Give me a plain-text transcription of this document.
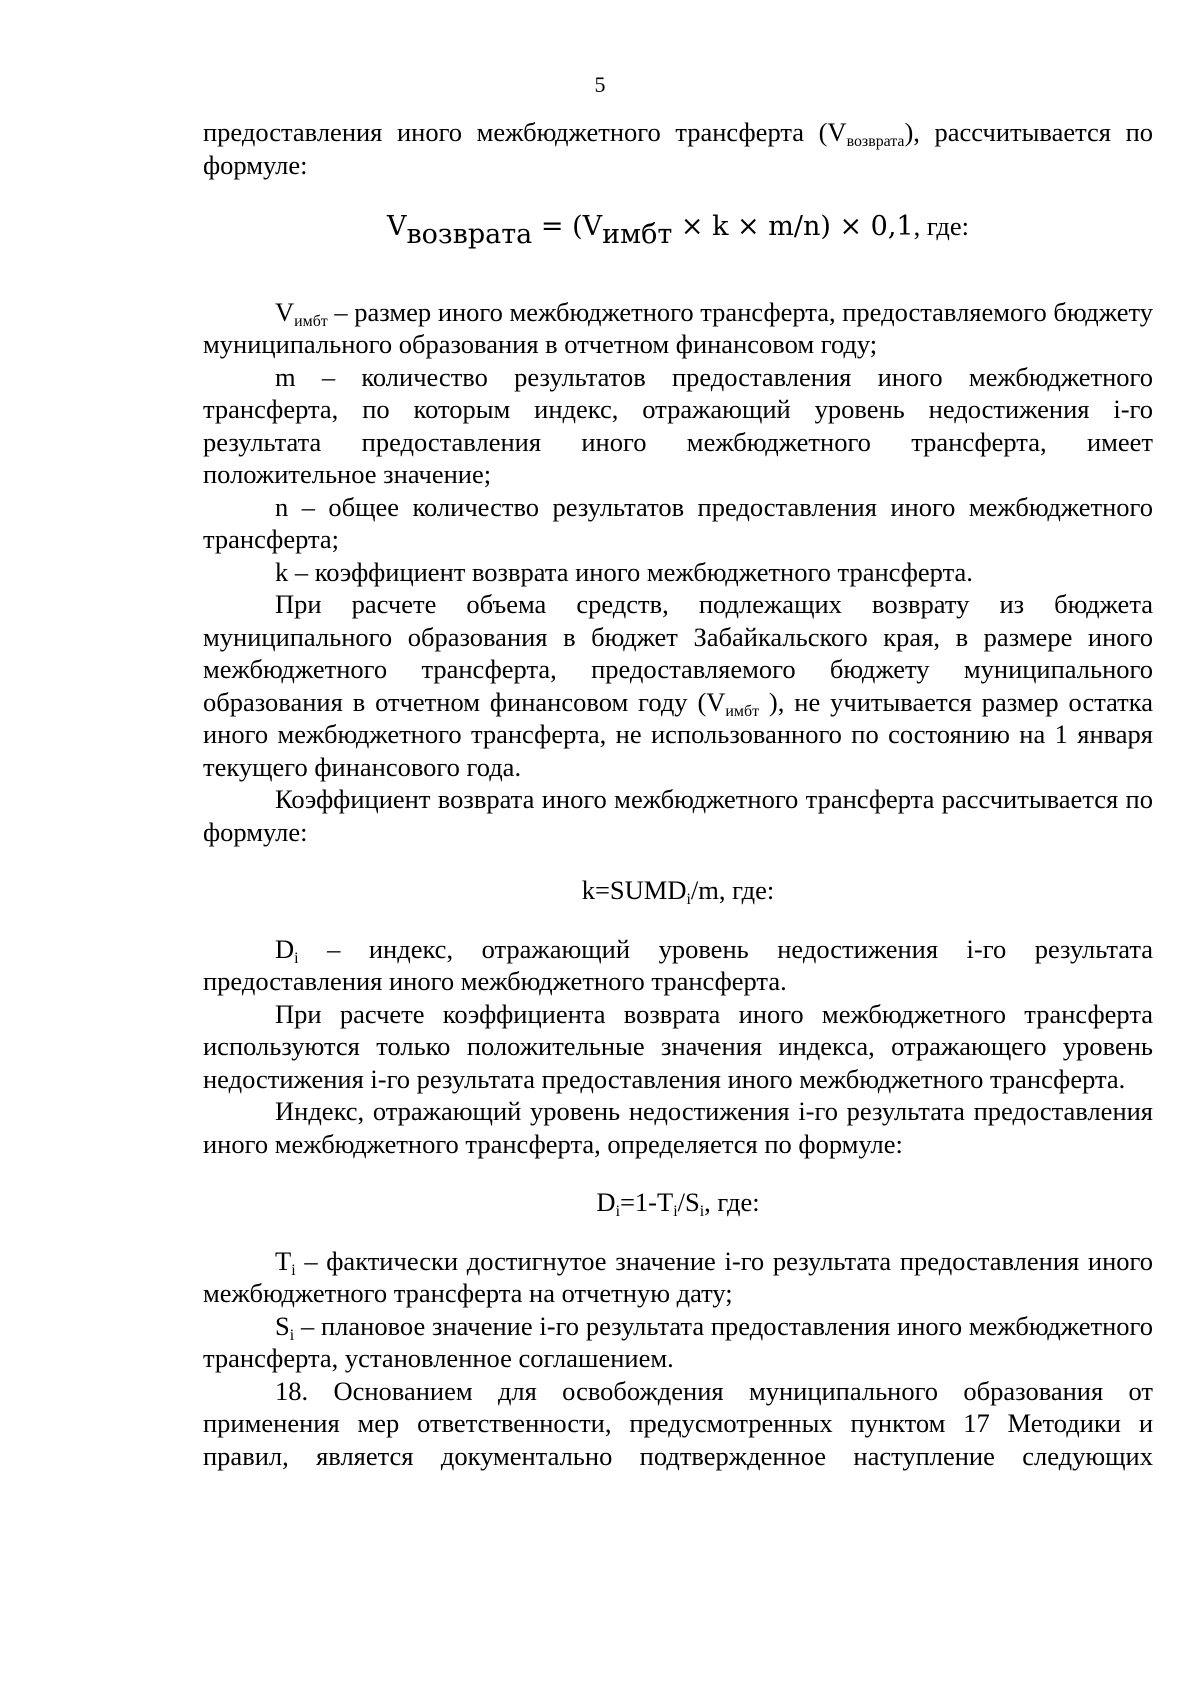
5

предоставления иного межбюджетного трансферта $(V_{возврата})$, рассчитывается по формуле:

Vвозврата = (Vимбт × k × m/n) × 0,1, где:

$V_{имбт}$ – размер иного межбюджетного трансферта, предоставляемого бюджету муниципального образования в отчетном финансовом году;

m – количество результатов предоставления иного межбюджетного трансферта, по которым индекс, отражающий уровень недостижения i-го результата предоставления иного межбюджетного трансферта, имеет положительное значение;

n – общее количество результатов предоставления иного межбюджетного трансферта;

k – коэффициент возврата иного межбюджетного трансферта.

При расчете объема средств, подлежащих возврату из бюджета муниципального образования в бюджет Забайкальского края, в размере иного межбюджетного трансферта, предоставляемого бюджету муниципального образования в отчетном финансовом году ($V_{имбт}$ ), не учитывается размер остатка иного межбюджетного трансферта, не использованного по состоянию на 1 января текущего финансового года.

Коэффициент возврата иного межбюджетного трансферта рассчитывается по формуле:

$k=SUMD_i/m$, где:

$D_i$ – индекс, отражающий уровень недостижения i-го результата предоставления иного межбюджетного трансферта.

При расчете коэффициента возврата иного межбюджетного трансферта используются только положительные значения индекса, отражающего уровень недостижения i-го результата предоставления иного межбюджетного трансферта.

Индекс, отражающий уровень недостижения i-го результата предоставления иного межбюджетного трансферта, определяется по формуле:

$D_i=1-T_i/S_i$, где:

$T_i$ – фактически достигнутое значение i-го результата предоставления иного межбюджетного трансферта на отчетную дату;

$S_i$ – плановое значение i-го результата предоставления иного межбюджетного трансферта, установленное соглашением.

18. Основанием для освобождения муниципального образования от применения мер ответственности, предусмотренных пунктом 17 Методики и правил, является документально подтвержденное наступление следующих
